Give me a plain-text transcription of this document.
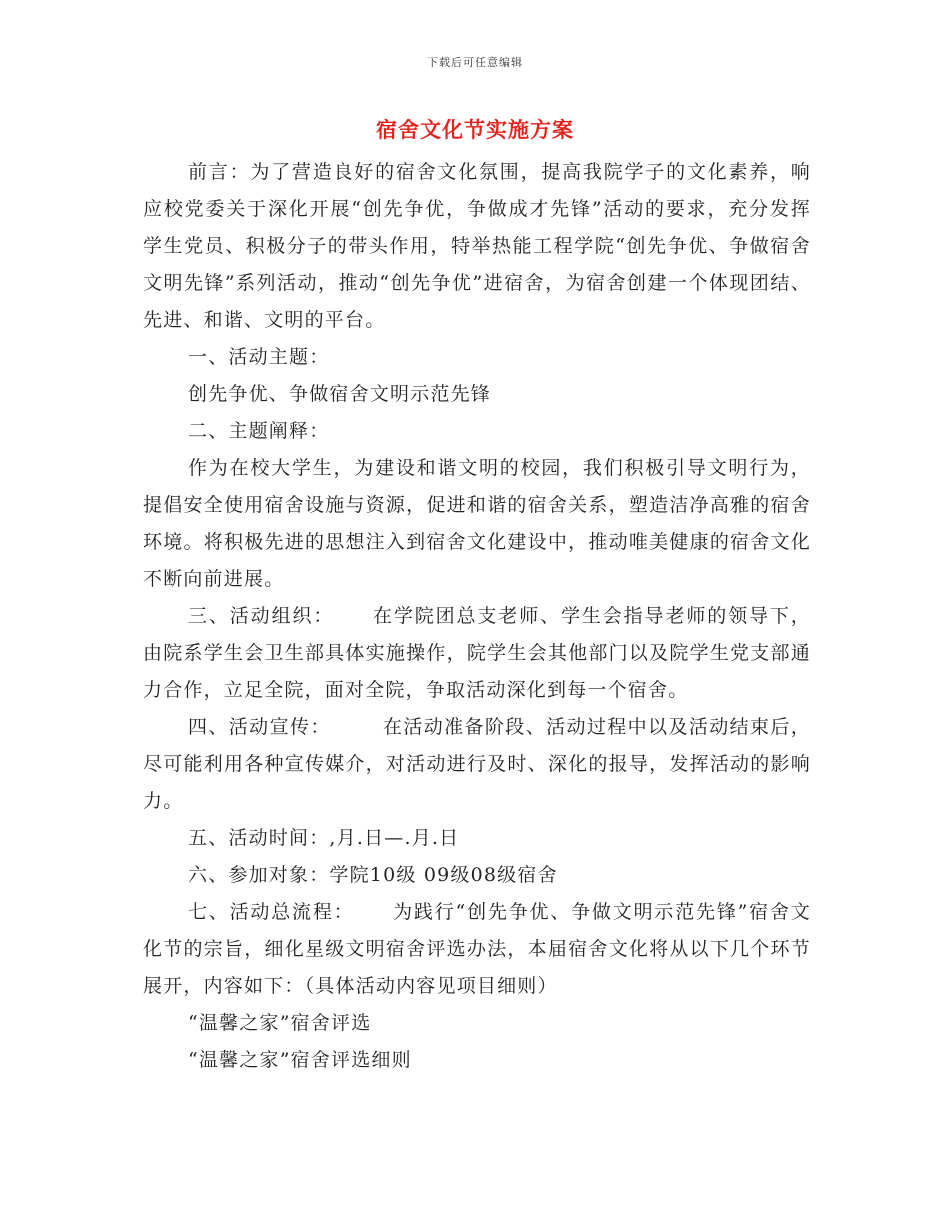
下载后可任意编辑
宿舍文化节实施方案

前言：为了营造良好的宿舍文化氛围，提高我院学子的文化素养，响应校党委关于深化开展“创先争优，争做成才先锋”活动的要求，充分发挥学生党员、积极分子的带头作用，特举热能工程学院“创先争优、争做宿舍文明先锋”系列活动，推动“创先争优”进宿舍，为宿舍创建一个体现团结、先进、和谐、文明的平台。

一、活动主题：

创先争优、争做宿舍文明示范先锋

二、主题阐释：

作为在校大学生，为建设和谐文明的校园，我们积极引导文明行为，提倡安全使用宿舍设施与资源，促进和谐的宿舍关系，塑造洁净高雅的宿舍环境。将积极先进的思想注入到宿舍文化建设中，推动唯美健康的宿舍文化不断向前进展。

三、活动组织： 在学院团总支老师、学生会指导老师的领导下，由院系学生会卫生部具体实施操作，院学生会其他部门以及院学生党支部通力合作，立足全院，面对全院，争取活动深化到每一个宿舍。

四、活动宣传：	在活动准备阶段、活动过程中以及活动结束后，尽可能利用各种宣传媒介，对活动进行及时、深化的报导，发挥活动的影响力。

五、活动时间：,月.日—.月.日

六、参加对象：学院10级 09级08级宿舍

七、活动总流程： 为践行“创先争优、争做文明示范先锋”宿舍文化节的宗旨，细化星级文明宿舍评选办法，本届宿舍文化将从以下几个环节展开，内容如下：（具体活动内容见项目细则）

“温馨之家”宿舍评选

“温馨之家”宿舍评选细则
